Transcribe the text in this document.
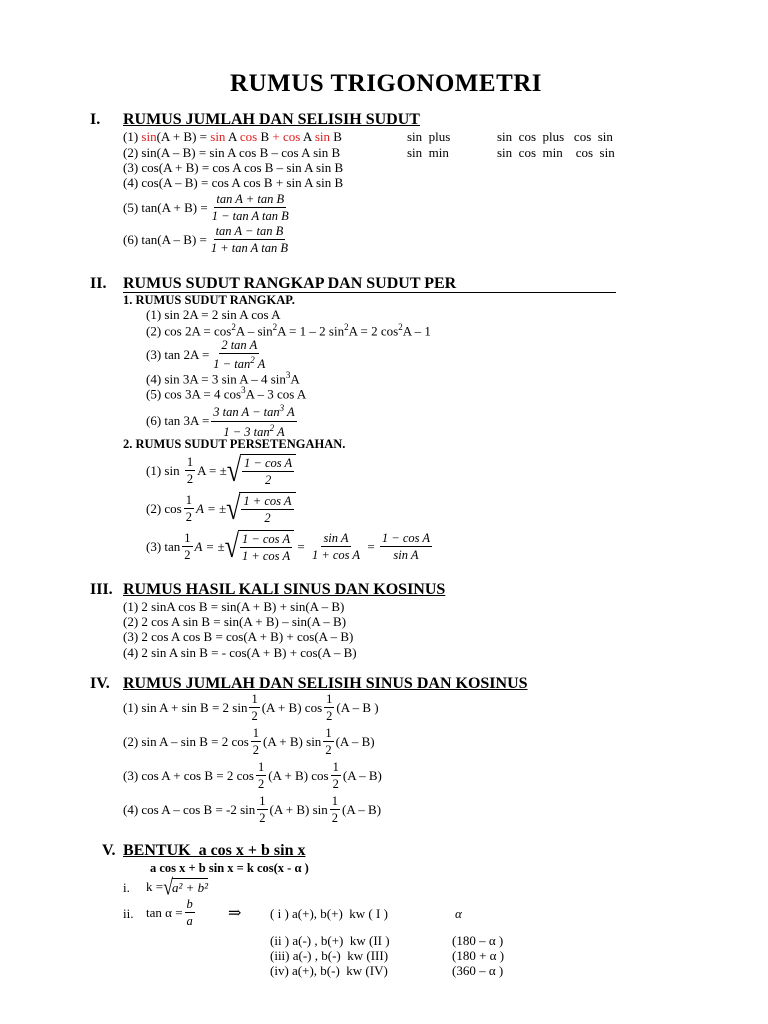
RUMUS TRIGONOMETRI
I. RUMUS JUMLAH DAN SELISIH SUDUT
(1) sin(A + B) = sin A cos B + cos A sin B	sin  plus	sin  cos  plus   cos  sin
(2) sin(A – B) = sin A cos B – cos A sin B	sin  min	sin  cos  min    cos  sin
(3) cos(A + B) = cos A cos B – sin A sin B
(4) cos(A – B) = cos A cos B + sin A sin B
(5) $\tan(A + B) = \frac{\text{tan A + tan B}}{\text{1 − tan A tan B}}$
(6) $\tan(A - B) = \frac{\text{tan A − tan B}}{\text{1 + tan A tan B}}$
II. RUMUS SUDUT RANGKAP DAN SUDUT PER
1. RUMUS SUDUT RANGKAP.
(1) sin 2A = 2 sin A cos A
(2) $\cos 2A = \cos^2A - \sin^2A = 1 - 2$ $\sin^2A = 2$ $\cos^2A - 1$
(3) $\tan 2A = \frac{\text{2 tan A}}{1 - \tan^2 A}$
(4) sin 3A = 3 sin A – 4 $\sin^3A$
(5) cos 3A = 4 $\cos^3A - 3$ cos A
(6) $\tan 3A = \frac{3 \tan A - \tan^3 A}{1 - 3 \tan^2 A}$
2. RUMUS SUDUT PERSETENGAHAN.
(1) sin
$\frac{1}{2}$ A = ± √ $\frac{\text{1 − cos A}}{2}$
(2) $\cos \frac{1}{2}$ A = ± √ $\frac{\text{1 + cos A}}{2}$
(3) $\tan \frac{1}{2}$ A = ± √ $\frac{\text{1 − cos A}}{\text{1 + cos A}}$
=
$\frac{\text{sin A}}{\text{1 + cos A}}$
=
$\frac{\text{1 − cos A}}{\text{sin A}}$
III. RUMUS HASIL KALI SINUS DAN KOSINUS
(1) 2 sinA cos B = sin(A + B) + sin(A – B)
(2) 2 cos A sin B = sin(A + B) – sin(A – B)
(3) 2 cos A cos B = cos(A + B) + cos(A – B)
(4) 2 sin A sin B = - cos(A + B) + cos(A – B)
IV. RUMUS JUMLAH DAN SELISIH SINUS DAN KOSINUS
(1) sin A + sin B = 2 $\sin \frac{1}{2} (A + B)$ $\cos \frac{1}{2} (A$ – B )
(2) sin A – sin B = 2 $\cos \frac{1}{2} (A + B)$ $\sin \frac{1}{2} (A - B)$
(3) cos A + cos B = 2 $\cos \frac{1}{2} (A + B)$ $\cos \frac{1}{2} (A - B)$
(4) cos A – cos B = -2 $\sin \frac{1}{2} (A + B)$ $\sin \frac{1}{2} (A - B)$
V. BENTUK  a cos x + b sin x
a cos x + b sin x = k cos(x - α )
i. k = √ a² + b²
ii. $\tan \alpha = \frac{b}{a}$ ⇒ ( i ) a(+), b(+)  kw ( I )	α
(ii ) a(-) , b(+)  kw (II )	(180 – α )
(iii) a(-) , b(-)  kw (III)	(180 + α )
(iv) a(+), b(-)  kw (IV)	(360 – α )
